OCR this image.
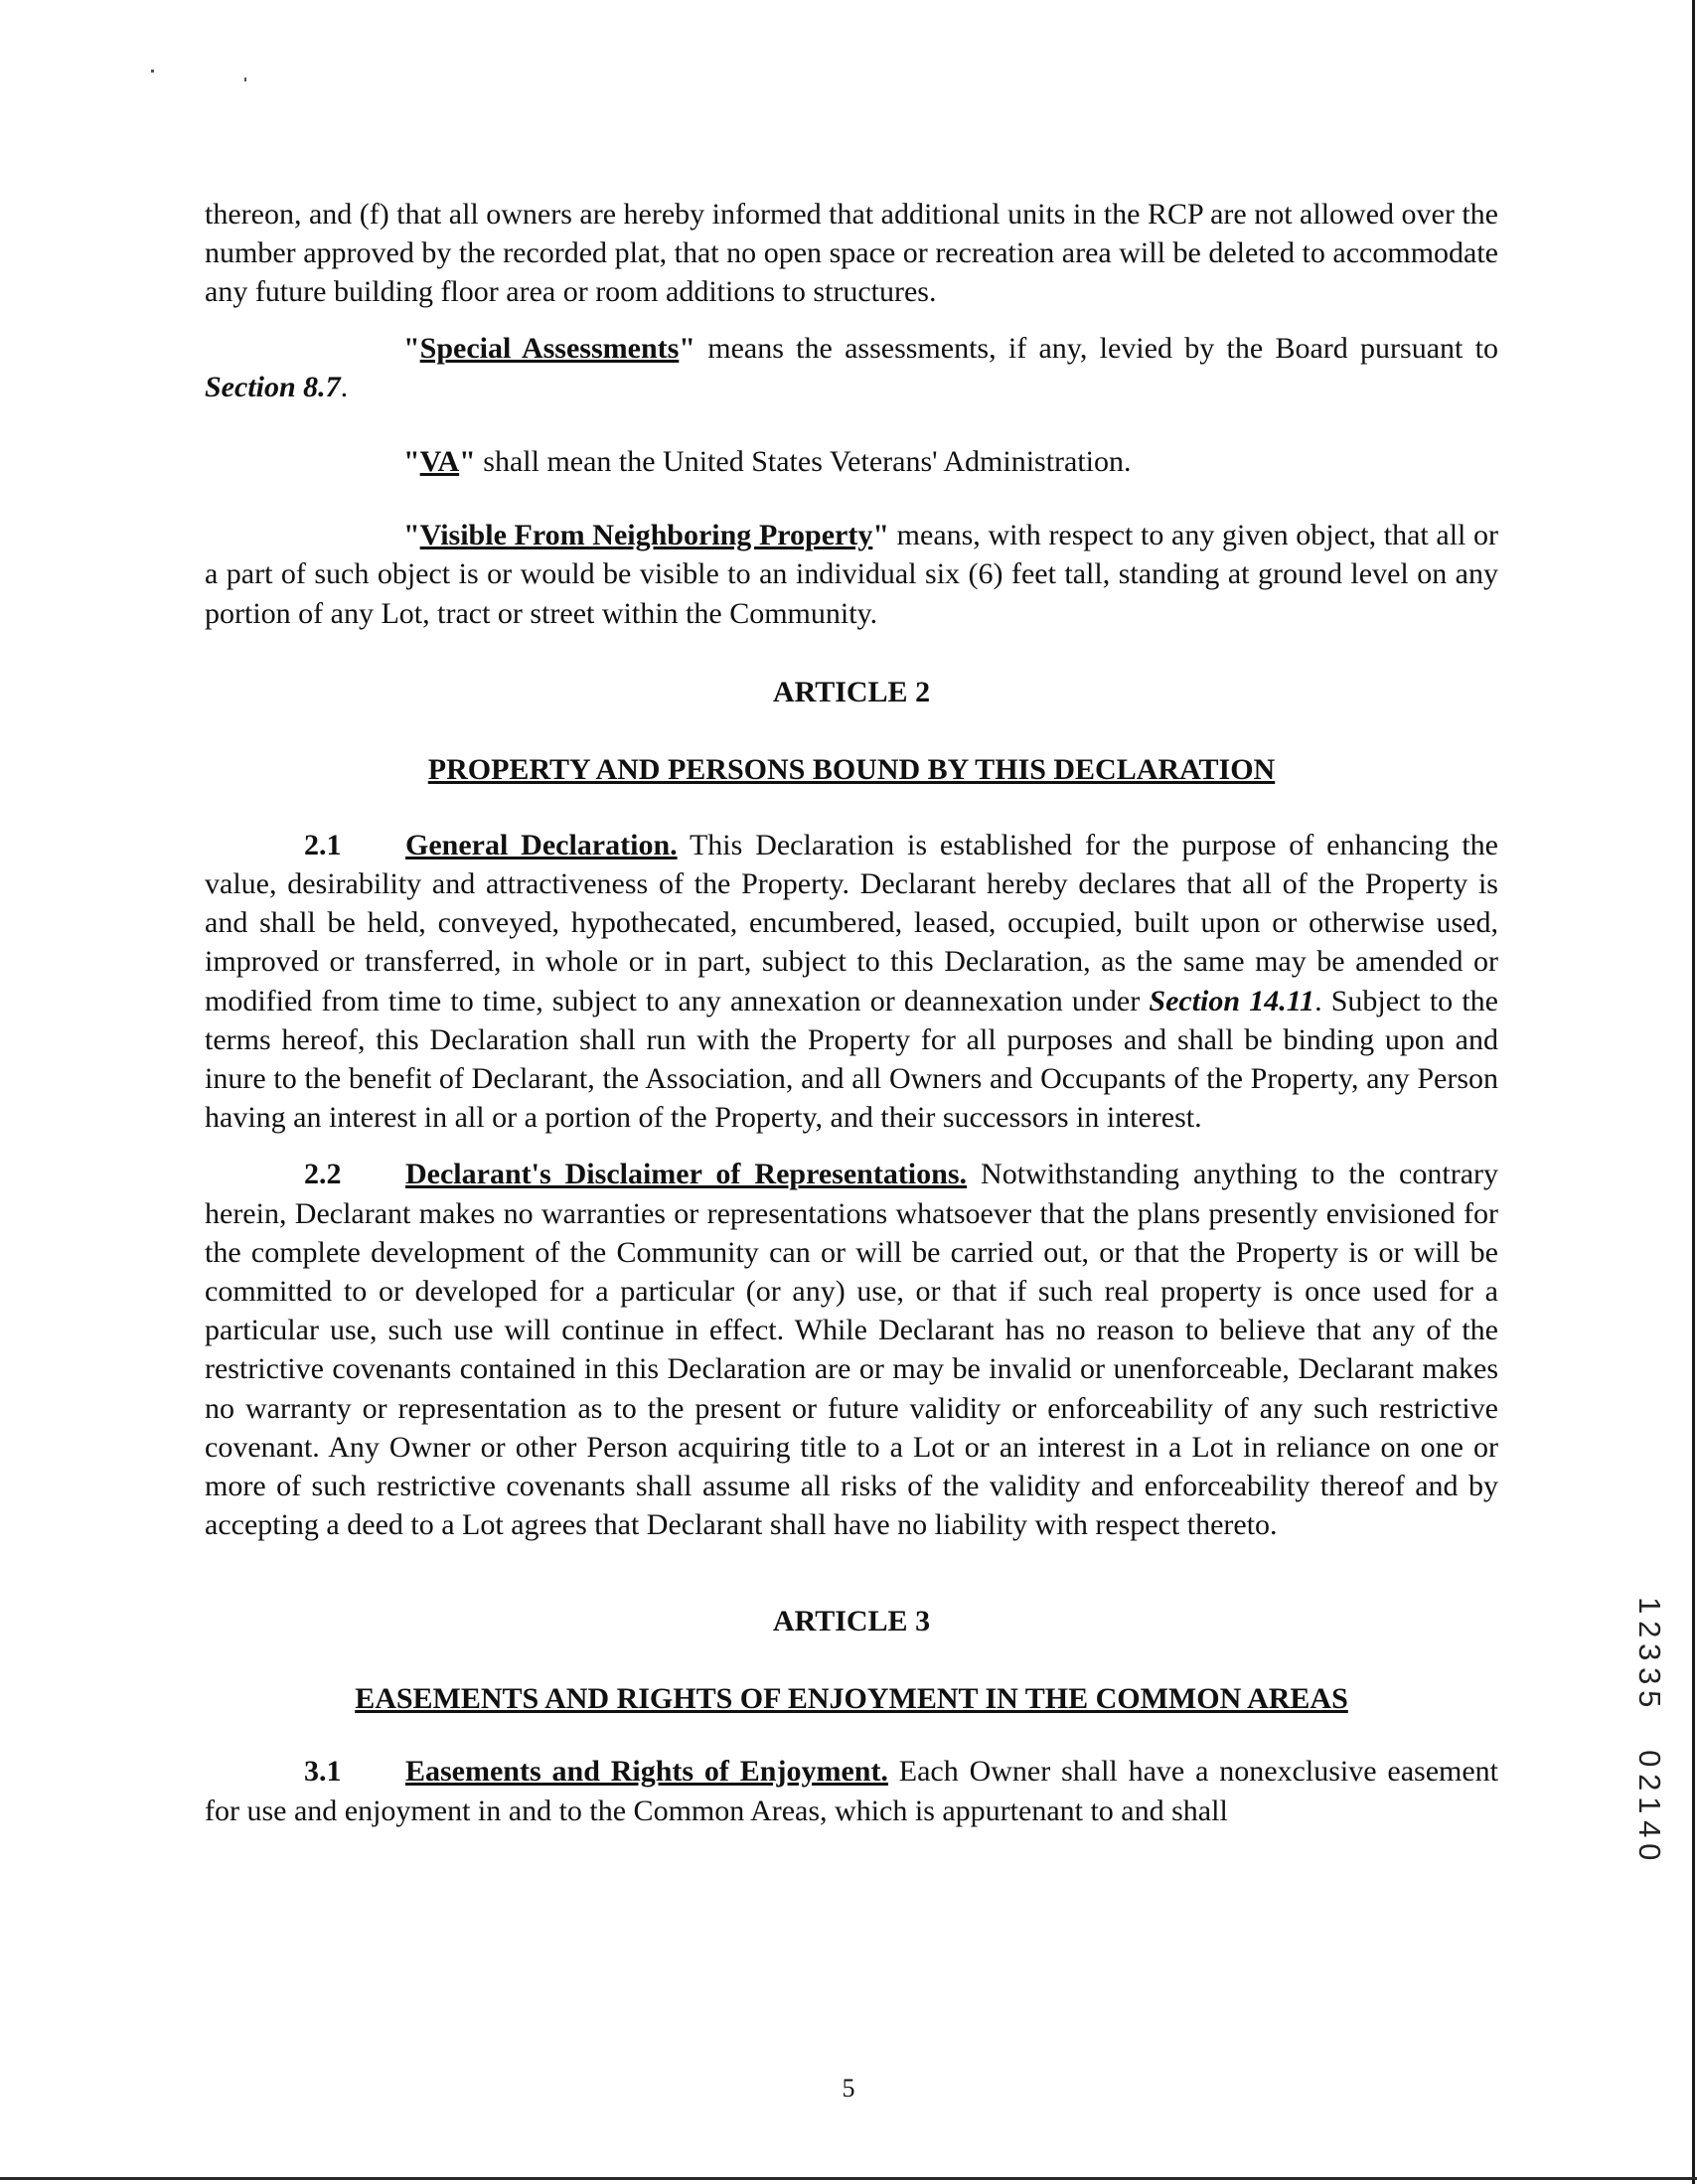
thereon, and (f) that all owners are hereby informed that additional units in the RCP are not allowed over the number approved by the recorded plat, that no open space or recreation area will be deleted to accommodate any future building floor area or room additions to structures.

"Special Assessments" means the assessments, if any, levied by the Board pursuant to Section 8.7.

"VA" shall mean the United States Veterans' Administration.

"Visible From Neighboring Property" means, with respect to any given object, that all or a part of such object is or would be visible to an individual six (6) feet tall, standing at ground level on any portion of any Lot, tract or street within the Community.

ARTICLE 2

PROPERTY AND PERSONS BOUND BY THIS DECLARATION

2.1 General Declaration. This Declaration is established for the purpose of enhancing the value, desirability and attractiveness of the Property. Declarant hereby declares that all of the Property is and shall be held, conveyed, hypothecated, encumbered, leased, occupied, built upon or otherwise used, improved or transferred, in whole or in part, subject to this Declaration, as the same may be amended or modified from time to time, subject to any annexation or deannexation under Section 14.11. Subject to the terms hereof, this Declaration shall run with the Property for all purposes and shall be binding upon and inure to the benefit of Declarant, the Association, and all Owners and Occupants of the Property, any Person having an interest in all or a portion of the Property, and their successors in interest.

2.2 Declarant's Disclaimer of Representations. Notwithstanding anything to the contrary herein, Declarant makes no warranties or representations whatsoever that the plans presently envisioned for the complete development of the Community can or will be carried out, or that the Property is or will be committed to or developed for a particular (or any) use, or that if such real property is once used for a particular use, such use will continue in effect. While Declarant has no reason to believe that any of the restrictive covenants contained in this Declaration are or may be invalid or unenforceable, Declarant makes no warranty or representation as to the present or future validity or enforceability of any such restrictive covenant. Any Owner or other Person acquiring title to a Lot or an interest in a Lot in reliance on one or more of such restrictive covenants shall assume all risks of the validity and enforceability thereof and by accepting a deed to a Lot agrees that Declarant shall have no liability with respect thereto.

ARTICLE 3

EASEMENTS AND RIGHTS OF ENJOYMENT IN THE COMMON AREAS

3.1 Easements and Rights of Enjoyment. Each Owner shall have a nonexclusive easement for use and enjoyment in and to the Common Areas, which is appurtenant to and shall

1
2
3
3
5
0
2
1
4
0
5
